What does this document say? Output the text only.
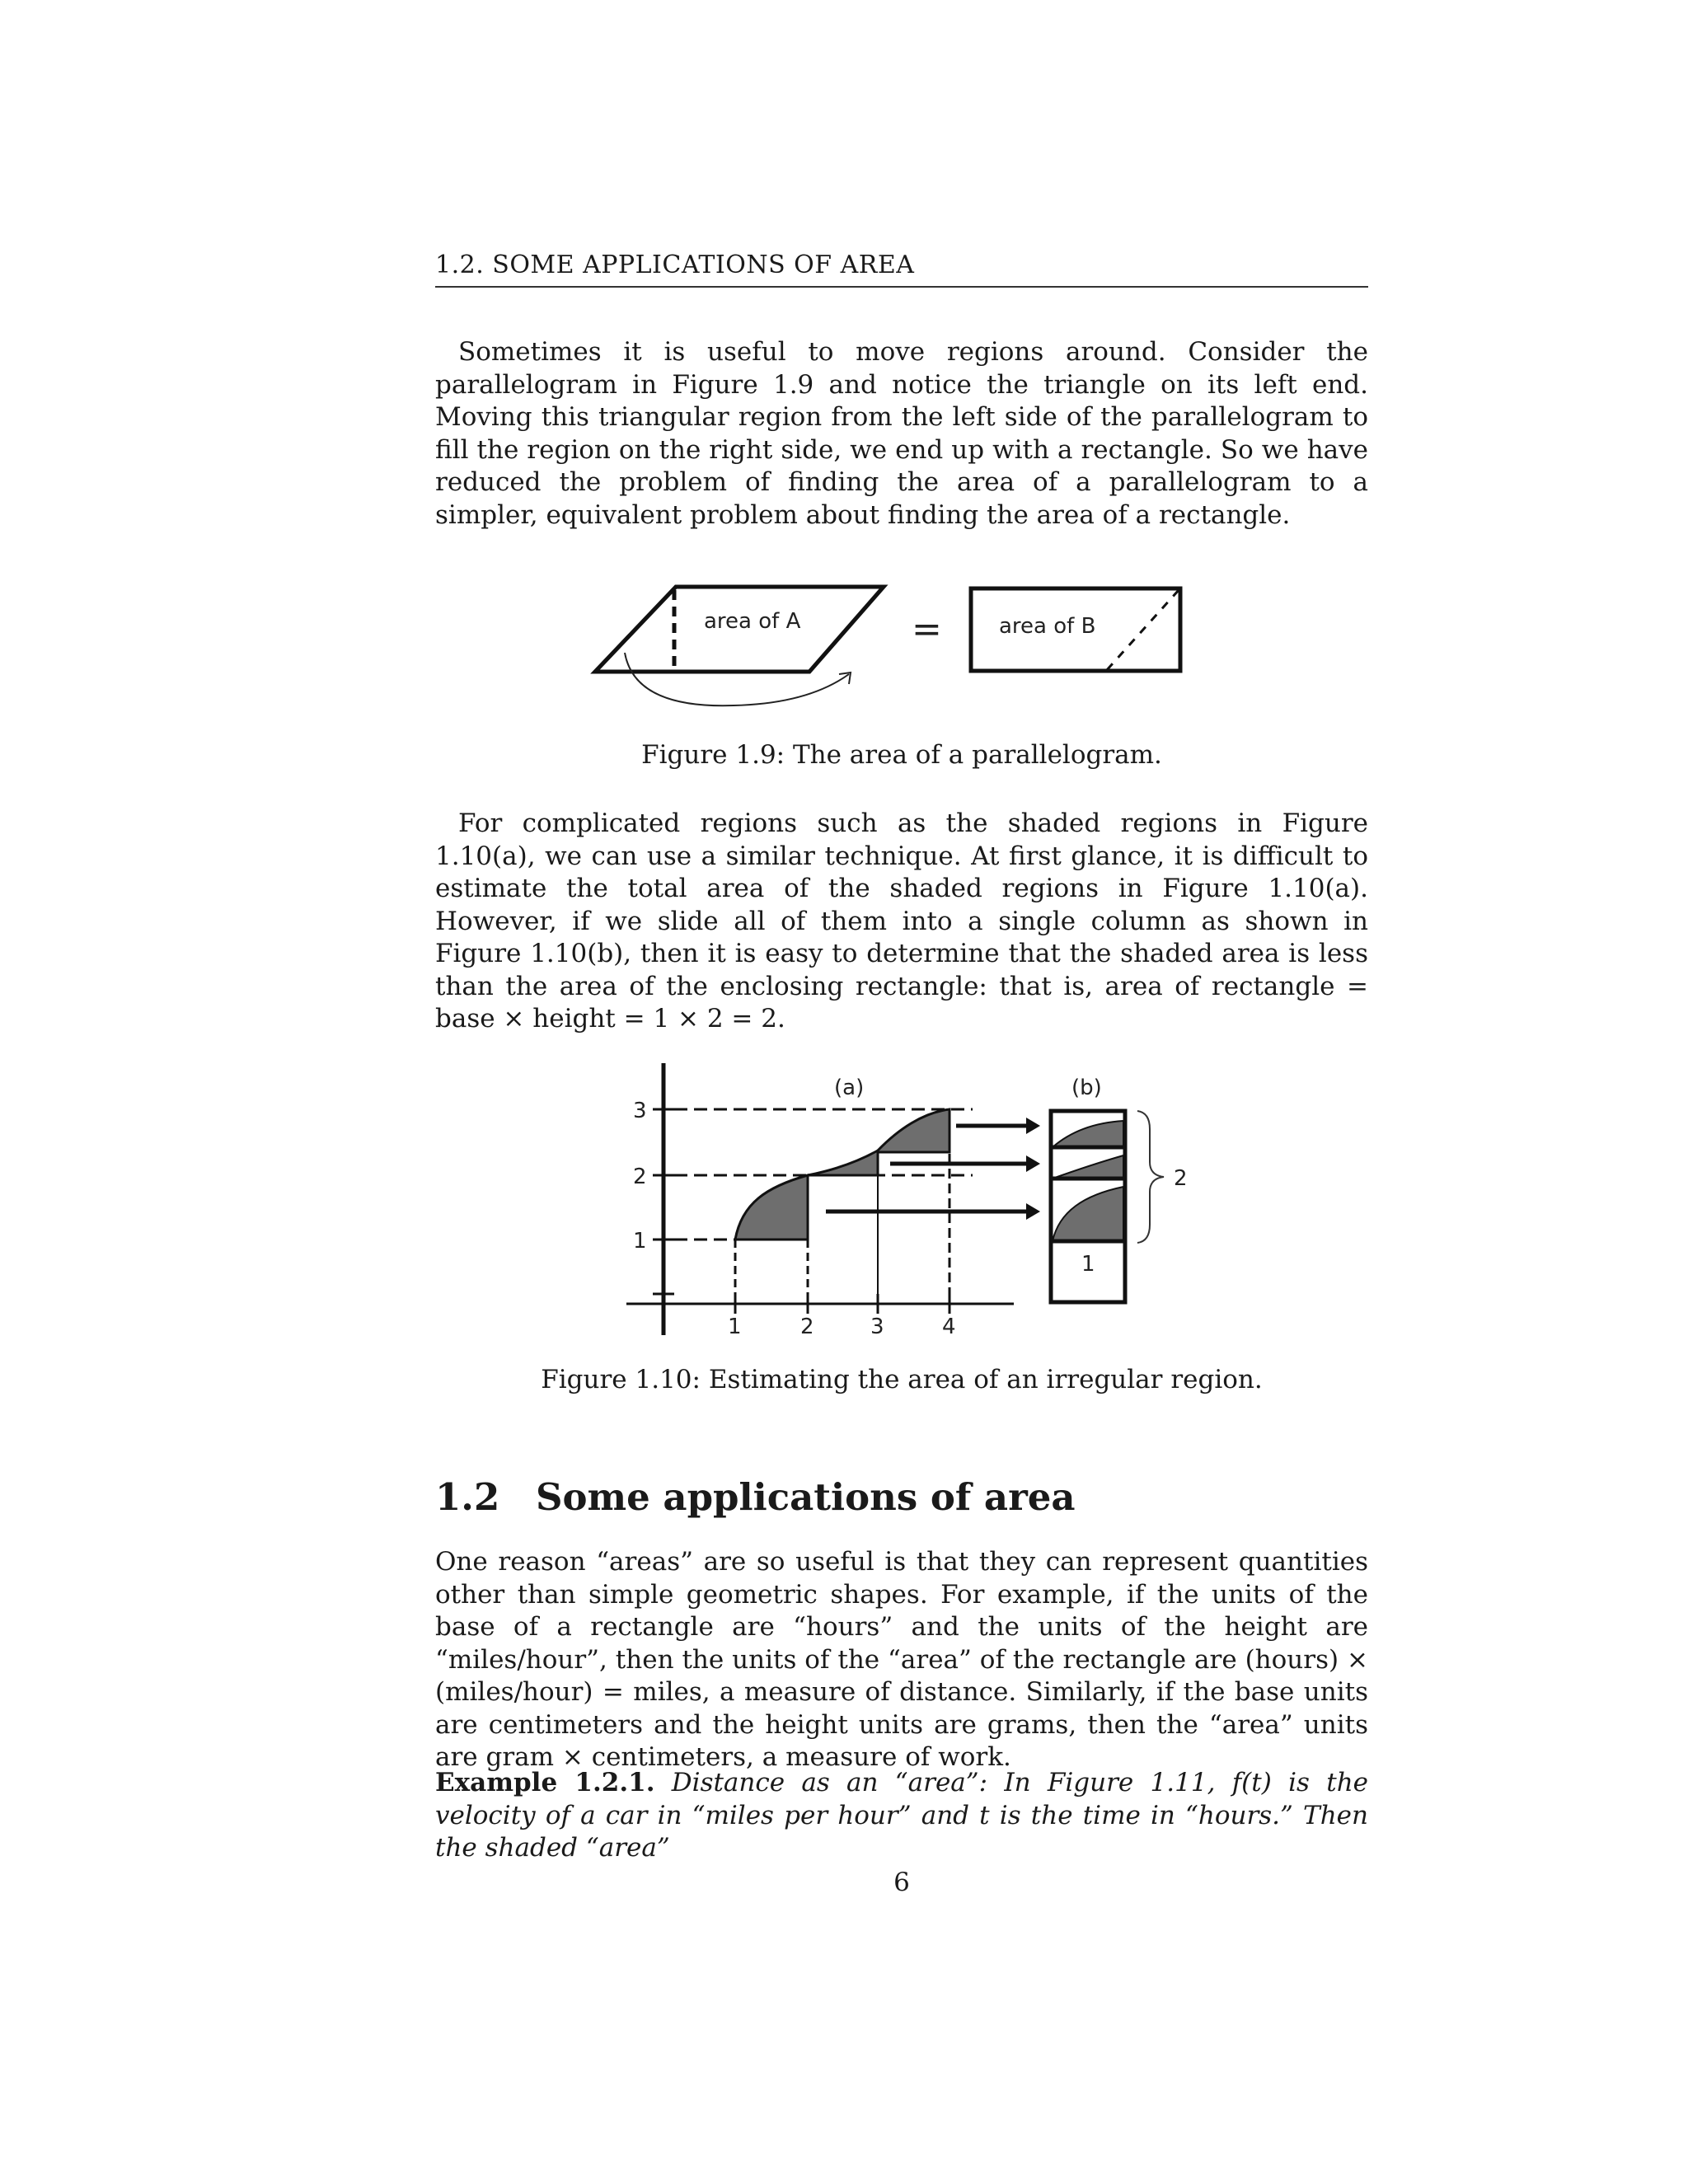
1.2. SOME APPLICATIONS OF AREA

Sometimes it is useful to move regions around. Consider the parallelogram in Figure 1.9 and notice the triangle on its left end. Moving this triangular region from the left side of the parallelogram to fill the region on the right side, we end up with a rectangle. So we have reduced the problem of finding the area of a parallelogram to a simpler, equivalent problem about finding the area of a rectangle.

area of A	=	area of B
Figure 1.9: The area of a parallelogram.

For complicated regions such as the shaded regions in Figure 1.10(a), we can use a similar technique. At first glance, it is difficult to estimate the total area of the shaded regions in Figure 1.10(a). However, if we slide all of them into a single column as shown in Figure 1.10(b), then it is easy to determine that the shaded area is less than the area of the enclosing rectangle: that is, area of rectangle = base × height = 1 × 2 = 2.

3
2
1
1	2	3	4
(a)	(b)
2
1
Figure 1.10: Estimating the area of an irregular region.
1.2 Some applications of area

One reason “areas” are so useful is that they can represent quantities other than simple geometric shapes. For example, if the units of the base of a rectangle are “hours” and the units of the height are “miles/hour”, then the units of the “area” of the rectangle are (hours) × (miles/hour) = miles, a measure of distance. Similarly, if the base units are centimeters and the height units are grams, then the “area” units are gram × centimeters, a measure of work.

Example 1.2.1. Distance as an “area”: In Figure 1.11, f(t) is the velocity of a car in “miles per hour” and t is the time in “hours.” Then the shaded “area”

6
